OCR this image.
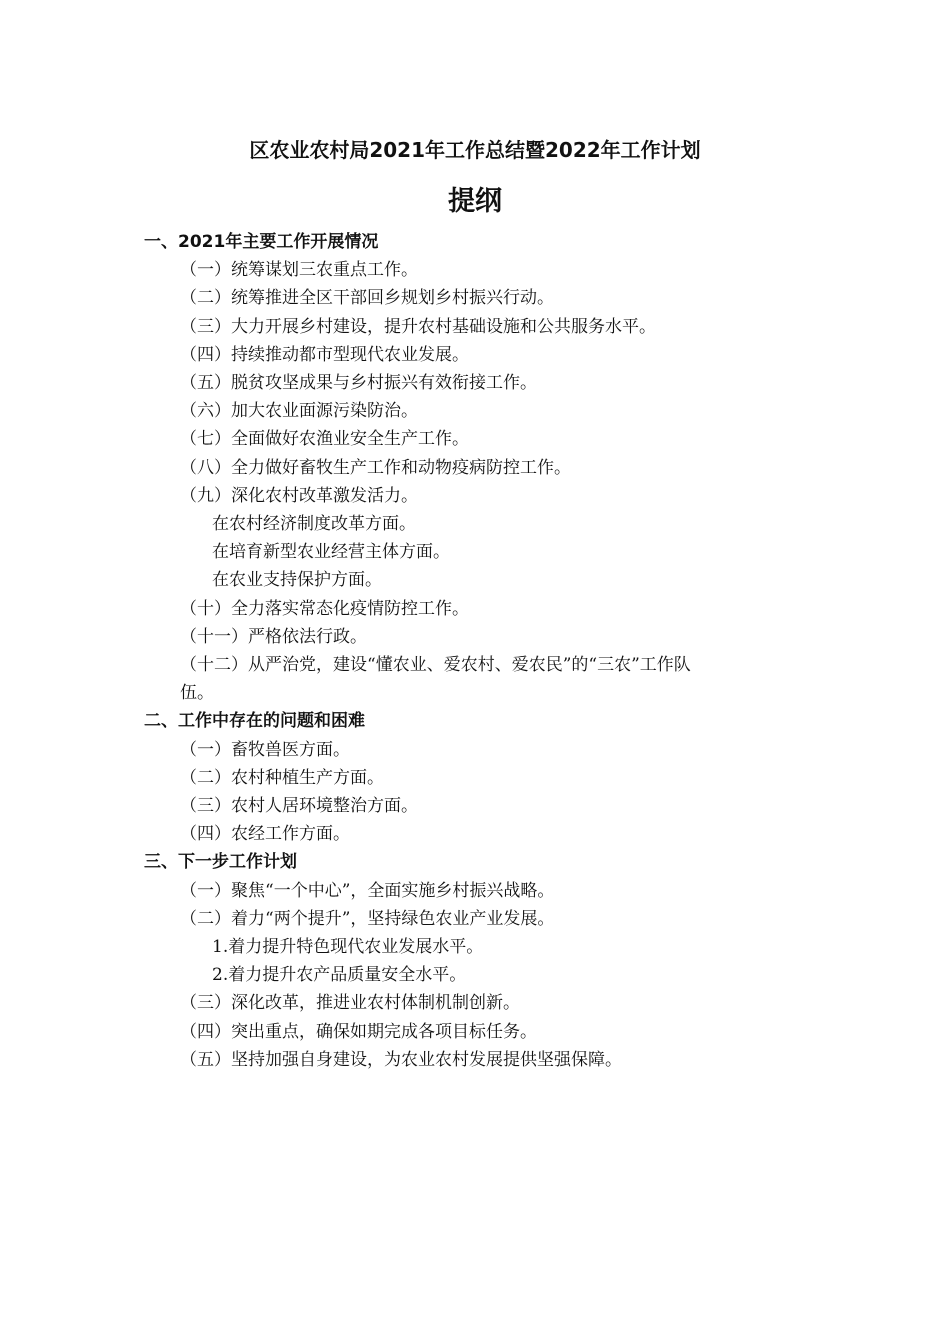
区农业农村局2021年工作总结暨2022年工作计划
提纲
一、2021年主要工作开展情况
（一）统筹谋划三农重点工作。
（二）统筹推进全区干部回乡规划乡村振兴行动。
（三）大力开展乡村建设，提升农村基础设施和公共服务水平。
（四）持续推动都市型现代农业发展。
（五）脱贫攻坚成果与乡村振兴有效衔接工作。
（六）加大农业面源污染防治。
（七）全面做好农渔业安全生产工作。
（八）全力做好畜牧生产工作和动物疫病防控工作。
（九）深化农村改革激发活力。
在农村经济制度改革方面。
在培育新型农业经营主体方面。
在农业支持保护方面。
（十）全力落实常态化疫情防控工作。
（十一）严格依法行政。
（十二）从严治党，建设“懂农业、爱农村、爱农民”的“三农”工作队
伍。
二、工作中存在的问题和困难
（一）畜牧兽医方面。
（二）农村种植生产方面。
（三）农村人居环境整治方面。
（四）农经工作方面。
三、下一步工作计划
（一）聚焦“一个中心”，全面实施乡村振兴战略。
（二）着力“两个提升”，坚持绿色农业产业发展。
1.着力提升特色现代农业发展水平。
2.着力提升农产品质量安全水平。
（三）深化改革，推进业农村体制机制创新。
（四）突出重点，确保如期完成各项目标任务。
（五）坚持加强自身建设，为农业农村发展提供坚强保障。
